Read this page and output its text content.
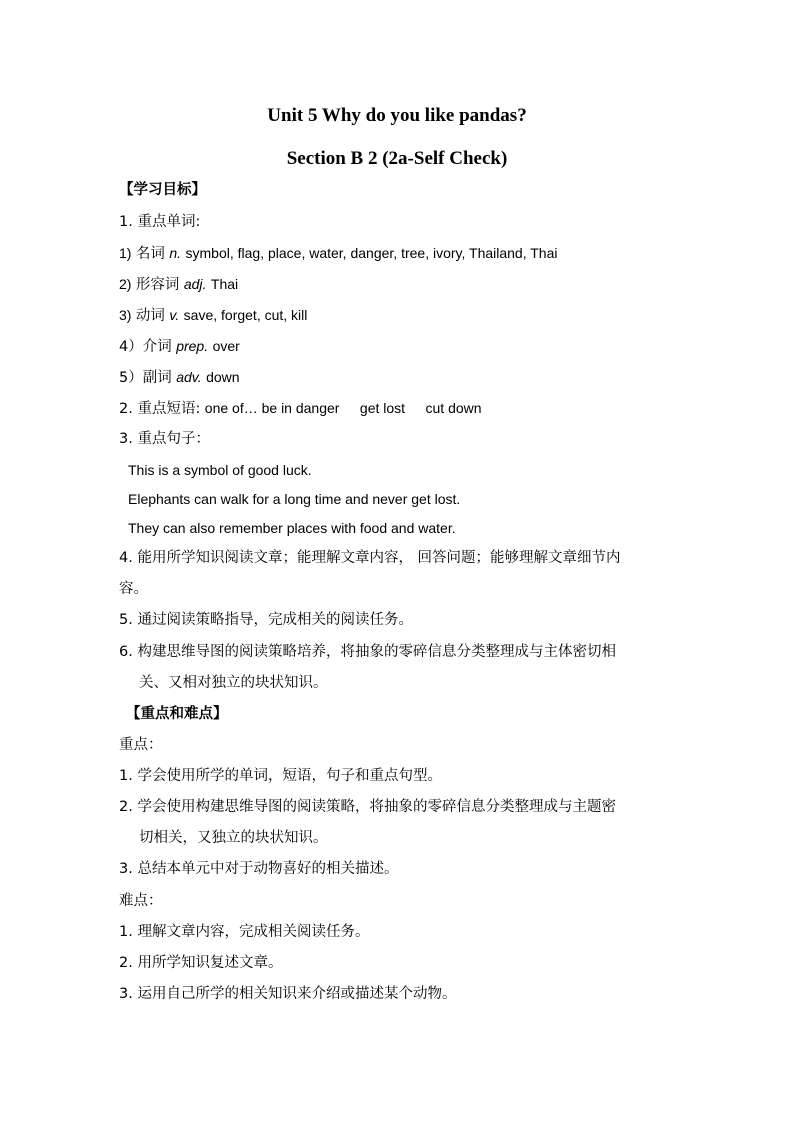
Unit 5 Why do you like pandas?
Section B 2 (2a-Self Check)
【学习目标】
1. 重点单词:
1) 名词 n. symbol, flag, place, water, danger, tree, ivory, Thailand, Thai
2) 形容词 adj. Thai
3) 动词 v. save, forget, cut, kill
4）介词 prep. over
5）副词 adv. down
2. 重点短语: one of… be in danger get lost cut down
3. 重点句子：
This is a symbol of good luck.
Elephants can walk for a long time and never get lost.
They can also remember places with food and water.
4. 能用所学知识阅读文章；能理解文章内容， 回答问题；能够理解文章细节内
容。
5. 通过阅读策略指导，完成相关的阅读任务。
6. 构建思维导图的阅读策略培养，将抽象的零碎信息分类整理成与主体密切相
关、又相对独立的块状知识。
【重点和难点】
重点：
1. 学会使用所学的单词，短语，句子和重点句型。
2. 学会使用构建思维导图的阅读策略，将抽象的零碎信息分类整理成与主题密
切相关，又独立的块状知识。
3. 总结本单元中对于动物喜好的相关描述。
难点：
1. 理解文章内容，完成相关阅读任务。
2. 用所学知识复述文章。
3. 运用自己所学的相关知识来介绍或描述某个动物。
